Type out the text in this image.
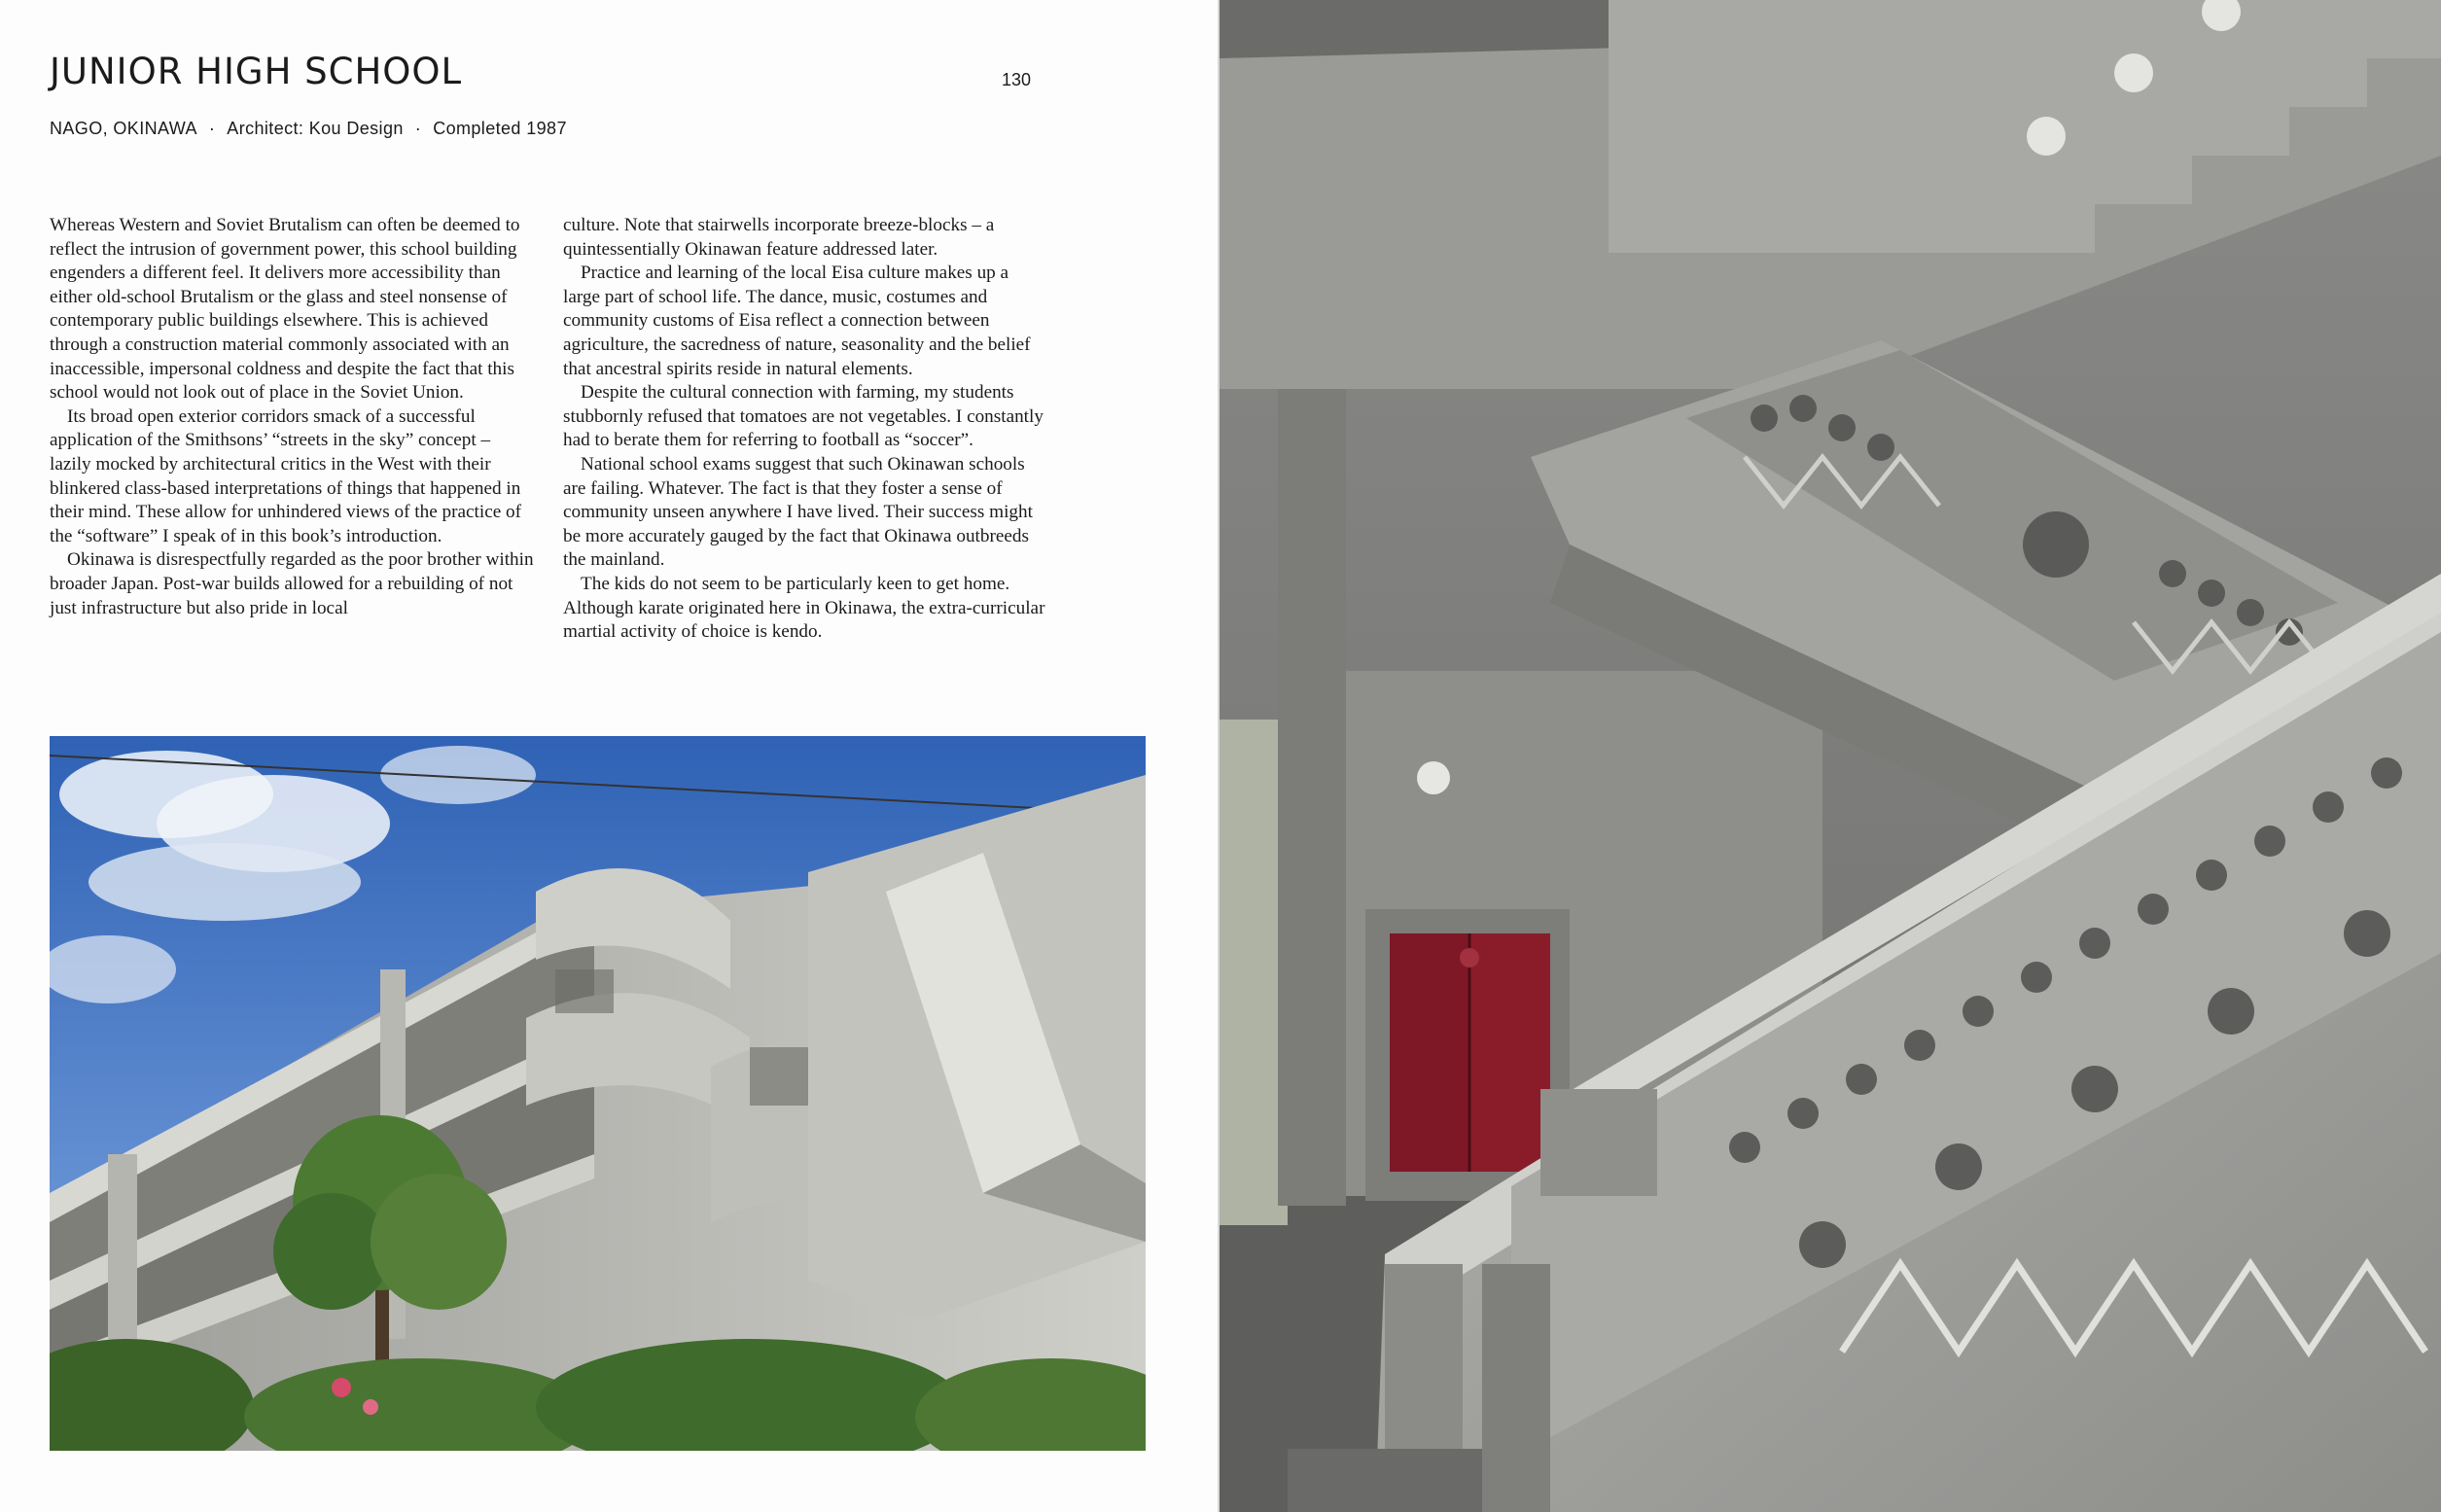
JUNIOR HIGH SCHOOL	130
NAGO, OKINAWA · Architect: Kou Design · Completed 1987

Whereas Western and Soviet Brutalism can often be deemed to reflect the intrusion of government power, this school building engenders a different feel. It delivers more accessibility than either old-school Brutalism or the glass and steel nonsense of contemporary public buildings elsewhere. This is achieved through a construction material commonly associated with an inaccessible, impersonal coldness and despite the fact that this school would not look out of place in the Soviet Union.

Its broad open exterior corridors smack of a successful application of the Smithsons’ “streets in the sky” concept – lazily mocked by architectural critics in the West with their blinkered class-based interpretations of things that happened in their mind. These allow for unhindered views of the practice of the “software” I speak of in this book’s introduction.

Okinawa is disrespectfully regarded as the poor brother within broader Japan. Post-war builds allowed for a rebuilding of not just infrastructure but also pride in local

culture. Note that stairwells incorporate breeze-blocks – a quintessentially Okinawan feature addressed later.

Practice and learning of the local Eisa culture makes up a large part of school life. The dance, music, costumes and community customs of Eisa reflect a connection between agriculture, the sacredness of nature, seasonality and the belief that ancestral spirits reside in natural elements.

Despite the cultural connection with farming, my students stubbornly refused that tomatoes are not vegetables. I constantly had to berate them for referring to football as “soccer”.

National school exams suggest that such Okinawan schools are failing. Whatever. The fact is that they foster a sense of community unseen anywhere I have lived. Their success might be more accurately gauged by the fact that Okinawa outbreeds the mainland.

The kids do not seem to be particularly keen to get home. Although karate originated here in Okinawa, the extra-curricular martial activity of choice is kendo.
